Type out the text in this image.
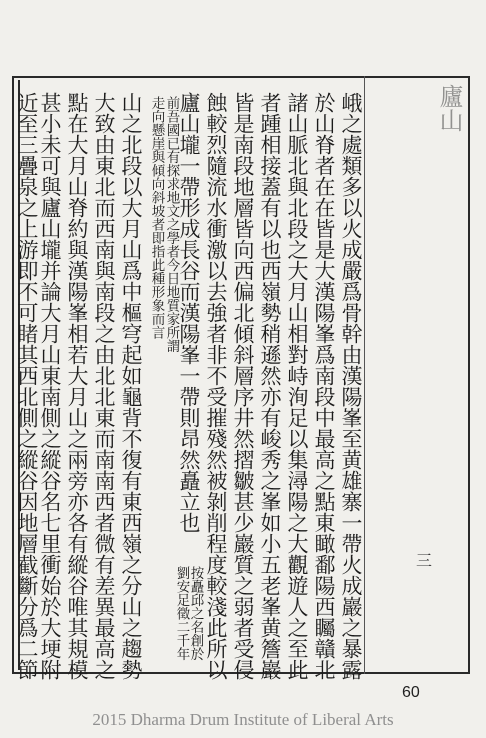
廬山
峨之處類多以火成嚴爲骨幹由漢陽峯至黄雄寨一帶火成巖之暴露
於山脊者在在皆是大漢陽峯爲南段中最高之點東瞰鄱陽西矚贛北
諸山脈北與北段之大月山相對峙洵足以集潯陽之大觀遊人之至此
者踵相接蓋有以也西嶺勢稍遜然亦有峻秀之峯如小五老峯黄簷巖
皆是南段地層皆向西偏北傾斜層序井然摺皺甚少巖質之弱者受侵
蝕較烈隨流水衝激以去強者非不受摧殘然被剝削程度較淺此所以
廬山壠一帶形成長谷而漢陽峯一帶則昂然矗立也
按矗邱之名創於
劉安足徵二千年
前吾國已有探求地文之學者今日地質家所謂
走向懸崖與傾向斜坡者即指此種形象而言
山之北段以大月山爲中樞穹起如龜背不復有東西嶺之分山之趨勢
大致由東北而西南與南段之由北北東而南南西者微有差異最高之
點在大月山脊約與漢陽峯相若大月山之兩旁亦各有縱谷唯其規模
甚小未可與廬山壠并論大月山東南側之縱谷名七里衝始於大埂附
近至三疊泉之上游即不可睹其西北側之縱谷因地層截斷分爲二節	三
60
2015 Dharma Drum Institute of Liberal Arts
